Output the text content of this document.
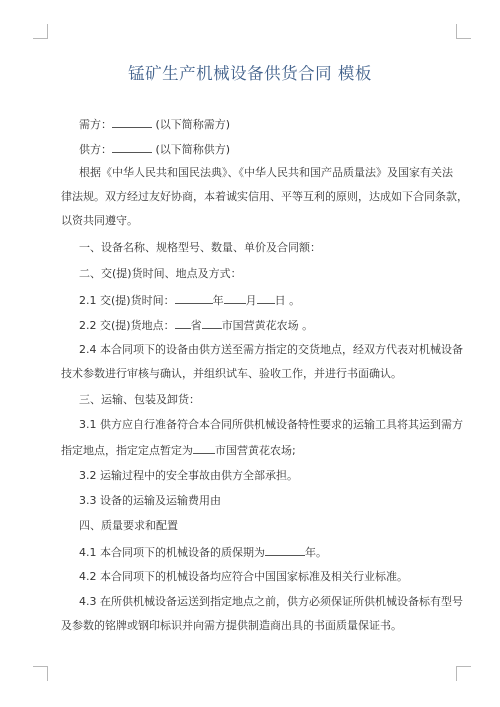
锰矿生产机械设备供货合同 模板
需方：	(以下简称需方)
供方：	(以下简称供方)
根据《中华人民共和国民法典》、《中华人民共和国产品质量法》及国家有关法
律法规。双方经过友好协商，本着诚实信用、平等互利的原则，达成如下合同条款，
以资共同遵守。
一、设备名称、规格型号、数量、单价及合同额：
二、交(提)货时间、地点及方式：
2.1 交(提)货时间：	年 月 日 。
2.2 交(提)货地点： 省 市国营黄花农场 。
2.4 本合同项下的设备由供方送至需方指定的交货地点，经双方代表对机械设备
技术参数进行审核与确认，并组织试车、验收工作，并进行书面确认。
三、运输、包装及卸货：
3.1 供方应自行准备符合本合同所供机械设备特性要求的运输工具将其运到需方
指定地点，指定定点暂定为 市国营黄花农场;
3.2 运输过程中的安全事故由供方全部承担。
3.3 设备的运输及运输费用由
四、质量要求和配置
4.1 本合同项下的机械设备的质保期为	年。
4.2 本合同项下的机械设备均应符合中国国家标准及相关行业标准。
4.3 在所供机械设备运送到指定地点之前，供方必须保证所供机械设备标有型号
及参数的铭牌或钢印标识并向需方提供制造商出具的书面质量保证书。
